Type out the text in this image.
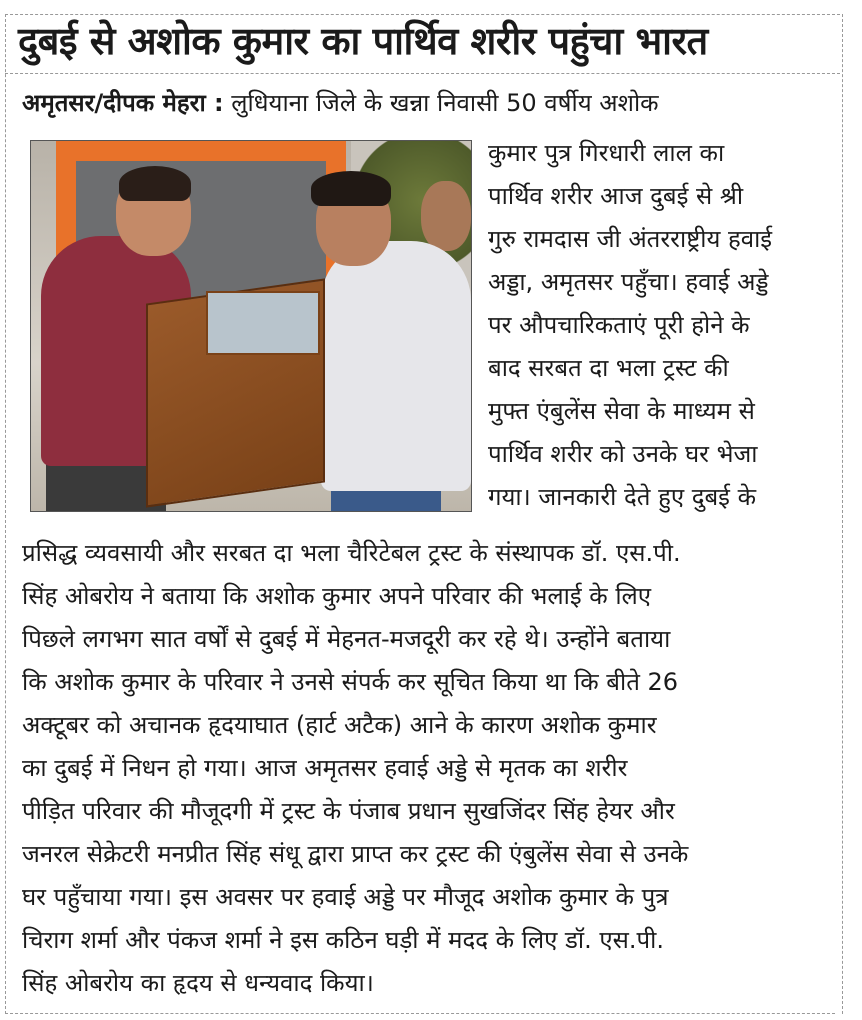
दुबई से अशोक कुमार का पार्थिव शरीर पहुंचा भारत
अमृतसर/दीपक मेहरा : लुधियाना जिले के खन्ना निवासी 50 वर्षीय अशोक
कुमार पुत्र गिरधारी लाल का
पार्थिव शरीर आज दुबई से श्री
गुरु रामदास जी अंतरराष्ट्रीय हवाई
अड्डा, अमृतसर पहुँचा। हवाई अड्डे
पर औपचारिकताएं पूरी होने के
बाद सरबत दा भला ट्रस्ट की
मुफ्त एंबुलेंस सेवा के माध्यम से
पार्थिव शरीर को उनके घर भेजा
गया। जानकारी देते हुए दुबई के
प्रसिद्ध व्यवसायी और सरबत दा भला चैरिटेबल ट्रस्ट के संस्थापक डॉ. एस.पी.
सिंह ओबरोय ने बताया कि अशोक कुमार अपने परिवार की भलाई के लिए
पिछले लगभग सात वर्षों से दुबई में मेहनत-मजदूरी कर रहे थे। उन्होंने बताया
कि अशोक कुमार के परिवार ने उनसे संपर्क कर सूचित किया था कि बीते 26
अक्टूबर को अचानक हृदयाघात (हार्ट अटैक) आने के कारण अशोक कुमार
का दुबई में निधन हो गया। आज अमृतसर हवाई अड्डे से मृतक का शरीर
पीड़ित परिवार की मौजूदगी में ट्रस्ट के पंजाब प्रधान सुखजिंदर सिंह हेयर और
जनरल सेक्रेटरी मनप्रीत सिंह संधू द्वारा प्राप्त कर ट्रस्ट की एंबुलेंस सेवा से उनके
घर पहुँचाया गया। इस अवसर पर हवाई अड्डे पर मौजूद अशोक कुमार के पुत्र
चिराग शर्मा और पंकज शर्मा ने इस कठिन घड़ी में मदद के लिए डॉ. एस.पी.
सिंह ओबरोय का हृदय से धन्यवाद किया।
